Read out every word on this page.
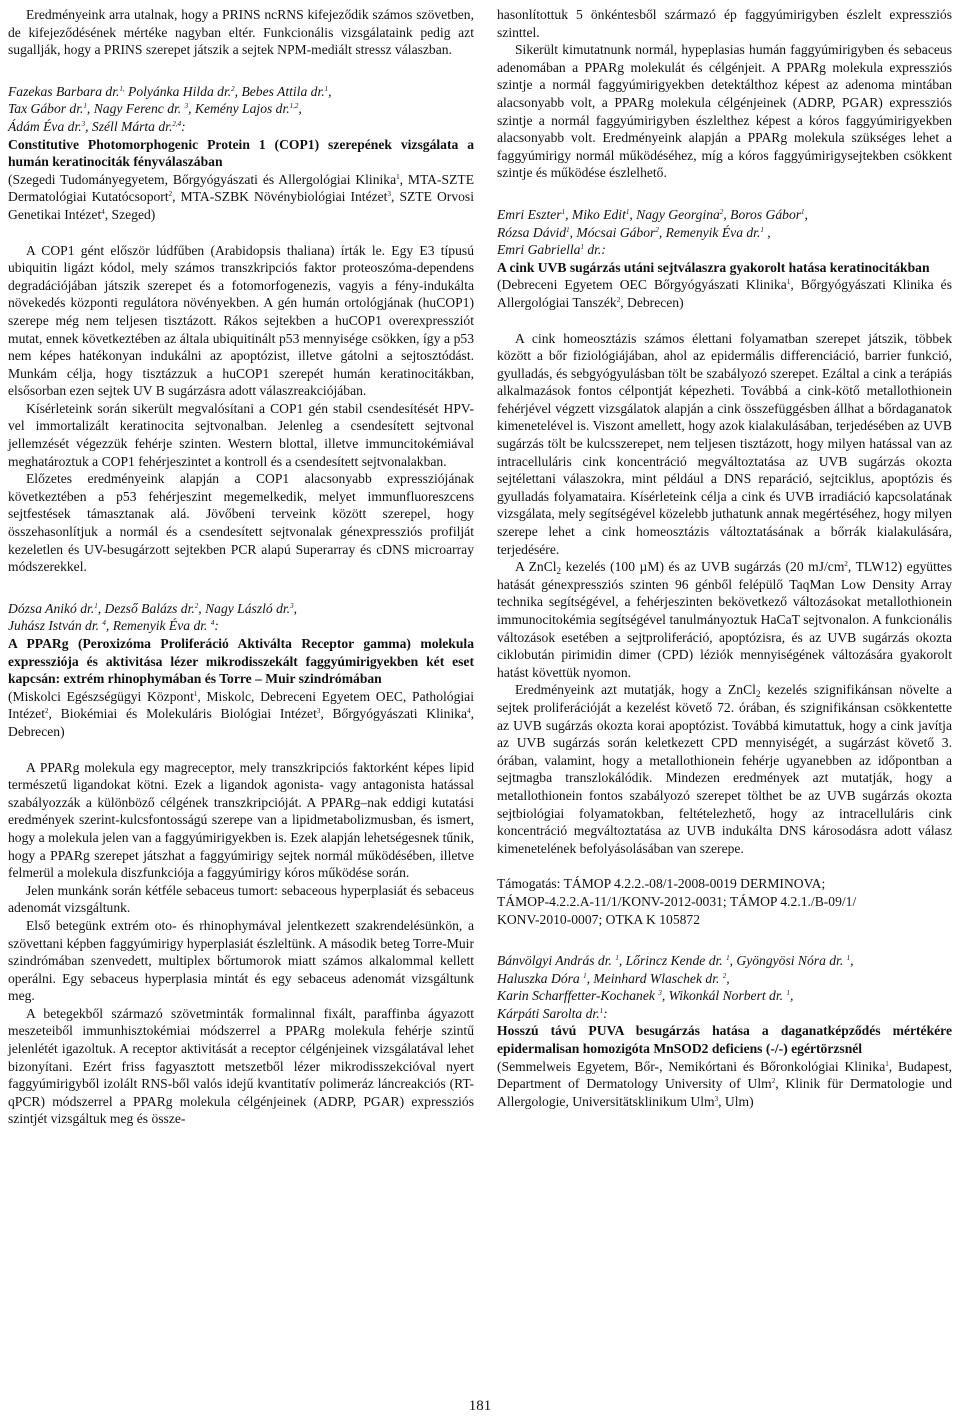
Eredményeink arra utalnak, hogy a PRINS ncRNS kifejeződik számos szövetben, de kifejeződésének mértéke nagyban eltér. Funkcionális vizsgálataink pedig azt sugallják, hogy a PRINS szerepet játszik a sejtek NPM-mediált stressz válaszban.

Fazekas Barbara dr.$^{1,}$ Polyánka Hilda dr.$^2$, Bebes Attila dr.$^1$,
Tax Gábor dr.$^1$, Nagy Ferenc dr. $^3$, Kemény Lajos dr.$^{1,2}$,
Ádám Éva dr.$^3$, Széll Márta dr.$^{2,4}$:

Constitutive Photomorphogenic Protein 1 (COP1) szerepének vizsgálata a humán keratinociták fényválaszában

(Szegedi Tudományegyetem, Bőrgyógyászati és Allergológiai Klinika$^1$, MTA-SZTE Dermatológiai Kutatócsoport$^2$, MTA-SZBK Növénybiológiai Intézet$^3$, SZTE Orvosi Genetikai Intézet$^4$, Szeged)

A COP1 gént először lúdfűben (Arabidopsis thaliana) írták le. Egy E3 típusú ubiquitin ligázt kódol, mely számos transzkripciós faktor proteoszóma-dependens degradációjában játszik szerepet és a fotomorfogenezis, vagyis a fény-indukálta növekedés központi regulátora növényekben. A gén humán ortológjának (huCOP1) szerepe még nem teljesen tisztázott. Rákos sejtekben a huCOP1 overexpressziót mutat, ennek következtében az általa ubiquitinált p53 mennyisége csökken, így a p53 nem képes hatékonyan indukálni az apoptózist, illetve gátolni a sejtosztódást. Munkám célja, hogy tisztázzuk a huCOP1 szerepét humán keratinocitákban, elsősorban ezen sejtek UV B sugárzásra adott válaszreakciójában.

Kísérleteink során sikerült megvalósítani a COP1 gén stabil csendesítését HPV-vel immortalizált keratinocita sejtvonalban. Jelenleg a csendesített sejtvonal jellemzését végezzük fehérje szinten. Western blottal, illetve immuncitokémiával meghatároztuk a COP1 fehérjeszintet a kontroll és a csendesített sejtvonalakban.

Előzetes eredményeink alapján a COP1 alacsonyabb expressziójának következtében a p53 fehérjeszint megemelkedik, melyet immunfluoreszcens sejtfestések támasztanak alá. Jövőbeni terveink között szerepel, hogy összehasonlítjuk a normál és a csendesített sejtvonalak génexpressziós profilját kezeletlen és UV-besugárzott sejtekben PCR alapú Superarray és cDNS microarray módszerekkel.

Dózsa Anikó dr.$^1$, Dezső Balázs dr.$^2$, Nagy László dr.$^3$,
Juhász István dr. $^4$, Remenyik Éva dr. $^4$:

A PPARg (Peroxizóma Proliferáció Aktiválta Receptor gamma) molekula expressziója és aktivitása lézer mikrodisszekált faggyúmirigyekben két eset kapcsán: extrém rhinophymában és Torre – Muir szindrómában

(Miskolci Egészségügyi Központ$^1$, Miskolc, Debreceni Egyetem OEC, Pathológiai Intézet$^2$, Biokémiai és Molekuláris Biológiai Intézet$^3$, Bőrgyógyászati Klinika$^4$, Debrecen)

A PPARg molekula egy magreceptor, mely transzkripciós faktorként képes lipid természetű ligandokat kötni. Ezek a ligandok agonista- vagy antagonista hatással szabályozzák a különböző célgének transzkripcióját. A PPARg–nak eddigi kutatási eredmények szerint-kulcsfontosságú szerepe van a lipidmetabolizmusban, és ismert, hogy a molekula jelen van a faggyúmirigyekben is. Ezek alapján lehetségesnek tűnik, hogy a PPARg szerepet játszhat a faggyúmirigy sejtek normál működésében, illetve felmerül a molekula diszfunkciója a faggyúmirigy kóros működése során.

Jelen munkánk során kétféle sebaceus tumort: sebaceous hyperplasiát és sebaceus adenomát vizsgáltunk.

Első betegünk extrém oto- és rhinophymával jelentkezett szakrendelésünkön, a szövettani képben faggyúmirigy hyperplasiát észleltünk. A második beteg Torre-Muir szindrómában szenvedett, multiplex bőrtumorok miatt számos alkalommal kellett operálni. Egy sebaceus hyperplasia mintát és egy sebaceus adenomát vizsgáltunk meg.

A betegekből származó szövetminták formalinnal fixált, paraffinba ágyazott meszeteiből immunhisztokémiai módszerrel a PPARg molekula fehérje szintű jelenlétét igazoltuk. A receptor aktivitását a receptor célgénjeinek vizsgálatával lehet bizonyítani. Ezért friss fagyasztott metszetből lézer mikrodisszekcióval nyert faggyúmirigyből izolált RNS-ből valós idejű kvantitatív polimeráz láncreakciós (RT-qPCR) módszerrel a PPARg molekula célgénjeinek (ADRP, PGAR) expressziós szintjét vizsgáltuk meg és össze-

hasonlítottuk 5 önkéntesből származó ép faggyúmirigyben észlelt expressziós szinttel.

Sikerült kimutatnunk normál, hypeplasias humán faggyúmirigyben és sebaceus adenomában a PPARg molekulát és célgénjeit. A PPARg molekula expressziós szintje a normál faggyúmirigyekben detektálthoz képest az adenoma mintában alacsonyabb volt, a PPARg molekula célgénjeinek (ADRP, PGAR) expressziós szintje a normál faggyúmirigyben észlelthez képest a kóros faggyúmirigyekben alacsonyabb volt. Eredményeink alapján a PPARg molekula szükséges lehet a faggyúmirigy normál működéséhez, míg a kóros faggyúmirigysejtekben csökkent szintje és működése észlelhető.

Emri Eszter$^1$, Miko Edit$^1$, Nagy Georgina$^2$, Boros Gábor$^1$,
Rózsa Dávid$^1$, Mócsai Gábor$^2$, Remenyik Éva dr.$^1$ ,
Emri Gabriella$^1$ dr.:

A cink UVB sugárzás utáni sejtválaszra gyakorolt hatása keratinocitákban

(Debreceni Egyetem OEC Bőrgyógyászati Klinika$^1$, Bőrgyógyászati Klinika és Allergológiai Tanszék$^2$, Debrecen)

A cink homeosztázis számos élettani folyamatban szerepet játszik, többek között a bőr fiziológiájában, ahol az epidermális differenciáció, barrier funkció, gyulladás, és sebgyógyulásban tölt be szabályozó szerepet. Ezáltal a cink a terápiás alkalmazások fontos célpontját képezheti. Továbbá a cink-kötő metallothionein fehérjével végzett vizsgálatok alapján a cink összefüggésben állhat a bőrdaganatok kimenetelével is. Viszont amellett, hogy azok kialakulásában, terjedésében az UVB sugárzás tölt be kulcsszerepet, nem teljesen tisztázott, hogy milyen hatással van az intracelluláris cink koncentráció megváltoztatása az UVB sugárzás okozta sejtélettani válaszokra, mint például a DNS reparáció, sejtciklus, apoptózis és gyulladás folyamataira. Kísérleteink célja a cink és UVB irradiáció kapcsolatának vizsgálata, mely segítségével közelebb juthatunk annak megértéséhez, hogy milyen szerepe lehet a cink homeosztázis változtatásának a bőrrák kialakulására, terjedésére.

A ZnCl$_2$ kezelés (100 µM) és az UVB sugárzás (20 $mJ/cm^2$, TLW12) együttes hatását génexpressziós szinten 96 génből felépülő TaqMan Low Density Array technika segítségével, a fehérjeszinten bekövetkező változásokat metallothionein immunocitokémia segítségével tanulmányoztuk HaCaT sejtvonalon. A funkcionális változások esetében a sejtproliferáció, apoptózisra, és az UVB sugárzás okozta ciklobután pirimidin dimer (CPD) léziók mennyiségének változására gyakorolt hatást követtük nyomon.

Eredményeink azt mutatják, hogy a ZnCl$_2$ kezelés szignifikánsan növelte a sejtek proliferációját a kezelést követő 72. órában, és szignifikánsan csökkentette az UVB sugárzás okozta korai apoptózist. Továbbá kimutattuk, hogy a cink javítja az UVB sugárzás során keletkezett CPD mennyiségét, a sugárzást követő 3. órában, valamint, hogy a metallothionein fehérje ugyanebben az időpontban a sejtmagba transzlokálódik. Mindezen eredmények azt mutatják, hogy a metallothionein fontos szabályozó szerepet tölthet be az UVB sugárzás okozta sejtbiológiai folyamatokban, feltételezhető, hogy az intracelluláris cink koncentráció megváltoztatása az UVB indukálta DNS károsodásra adott válasz kimenetelének befolyásolásában van szerepe.

Támogatás: TÁMOP 4.2.2.-08/1-2008-0019 DERMINOVA;
TÁMOP-4.2.2.A-11/1/KONV-2012-0031; TÁMOP 4.2.1./B-09/1/
KONV-2010-0007; OTKA K 105872

Bánvölgyi András dr. $^1$, Lőrincz Kende dr. $^1$, Gyöngyösi Nóra dr. $^1$,
Haluszka Dóra $^1$, Meinhard Wlaschek dr. $^2$,
Karin Scharffetter-Kochanek $^3$, Wikonkál Norbert dr. $^1$,
Kárpáti Sarolta dr.$^1$:

Hosszú távú PUVA besugárzás hatása a daganatképződés mértékére epidermalisan homozigóta MnSOD2 deficiens (-/-) egértörzsnél

(Semmelweis Egyetem, Bőr-, Nemikórtani és Bőronkológiai Klinika$^1$, Budapest, Department of Dermatology University of Ulm$^2$, Klinik für Dermatologie und Allergologie, Universitätsklinikum Ulm$^3$, Ulm)

181
